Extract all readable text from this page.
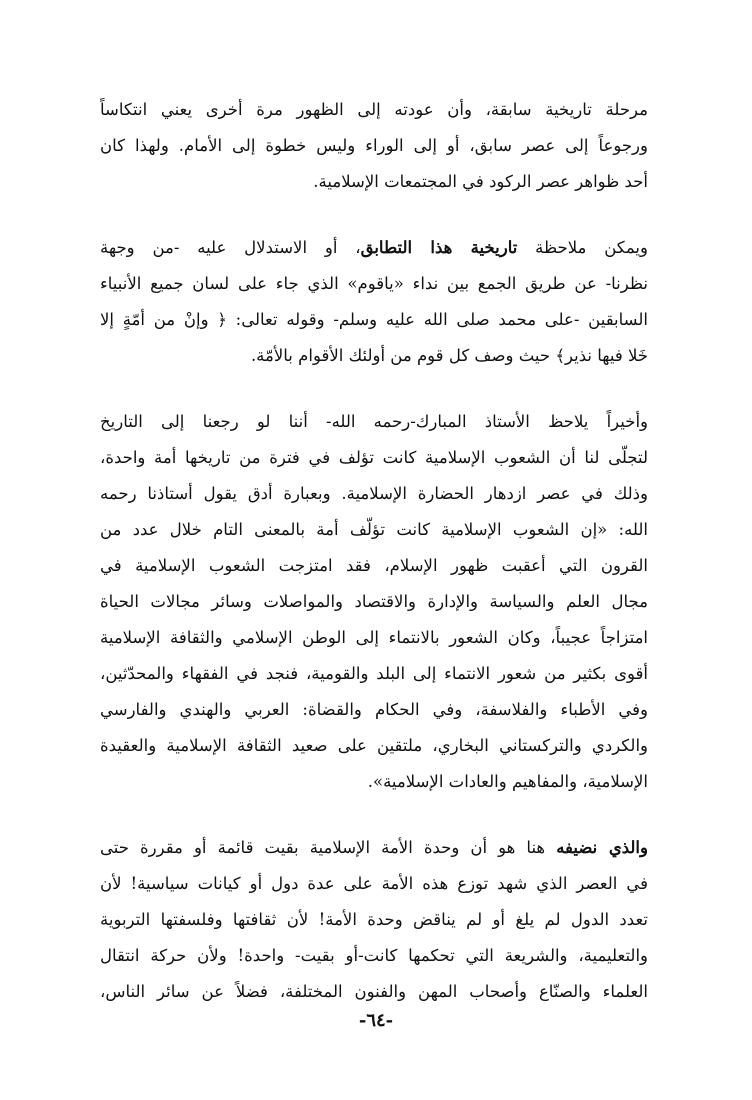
مرحلة تاريخية سابقة، وأن عودته إلى الظهور مرة أخرى يعني انتكاساً
ورجوعاً إلى عصر سابق، أو إلى الوراء وليس خطوة إلى الأمام. ولهذا كان
أحد ظواهر عصر الركود في المجتمعات الإسلامية.
ويمكن ملاحظة تاريخية هذا التطابق، أو الاستدلال عليه -من وجهة
نظرنا- عن طريق الجمع بين نداء «ياقوم» الذي جاء على لسان جميع الأنبياء
السابقين -على محمد صلى الله عليه وسلم- وقوله تعالى: ﴿ وإنْ من أمّةٍ إلا
خَلا فيها نذير﴾ حيث وصف كل قوم من أولئك الأقوام بالأمّة.
وأخيراً يلاحظ الأستاذ المبارك-رحمه الله- أننا لو رجعنا إلى التاريخ
لتجلّى لنا أن الشعوب الإسلامية كانت تؤلف في فترة من تاريخها أمة واحدة،
وذلك في عصر ازدهار الحضارة الإسلامية. وبعبارة أدق يقول أستاذنا رحمه
الله: «إن الشعوب الإسلامية كانت تؤلّف أمة بالمعنى التام خلال عدد من
القرون التي أعقبت ظهور الإسلام، فقد امتزجت الشعوب الإسلامية في
مجال العلم والسياسة والإدارة والاقتصاد والمواصلات وسائر مجالات الحياة
امتزاجاً عجيباً، وكان الشعور بالانتماء إلى الوطن الإسلامي والثقافة الإسلامية
أقوى بكثير من شعور الانتماء إلى البلد والقومية، فنجد في الفقهاء والمحدّثين،
وفي الأطباء والفلاسفة، وفي الحكام والقضاة: العربي والهندي والفارسي
والكردي والتركستاني البخاري، ملتقين على صعيد الثقافة الإسلامية والعقيدة
الإسلامية، والمفاهيم والعادات الإسلامية».
والذي نضيفه هنا هو أن وحدة الأمة الإسلامية بقيت قائمة أو مقررة حتى
في العصر الذي شهد توزع هذه الأمة على عدة دول أو كيانات سياسية! لأن
تعدد الدول لم يلغ أو لم يناقض وحدة الأمة! لأن ثقافتها وفلسفتها التربوية
والتعليمية، والشريعة التي تحكمها كانت-أو بقيت- واحدة! ولأن حركة انتقال
العلماء والصنّاع وأصحاب المهن والفنون المختلفة، فضلاً عن سائر الناس،
-٦٤-
